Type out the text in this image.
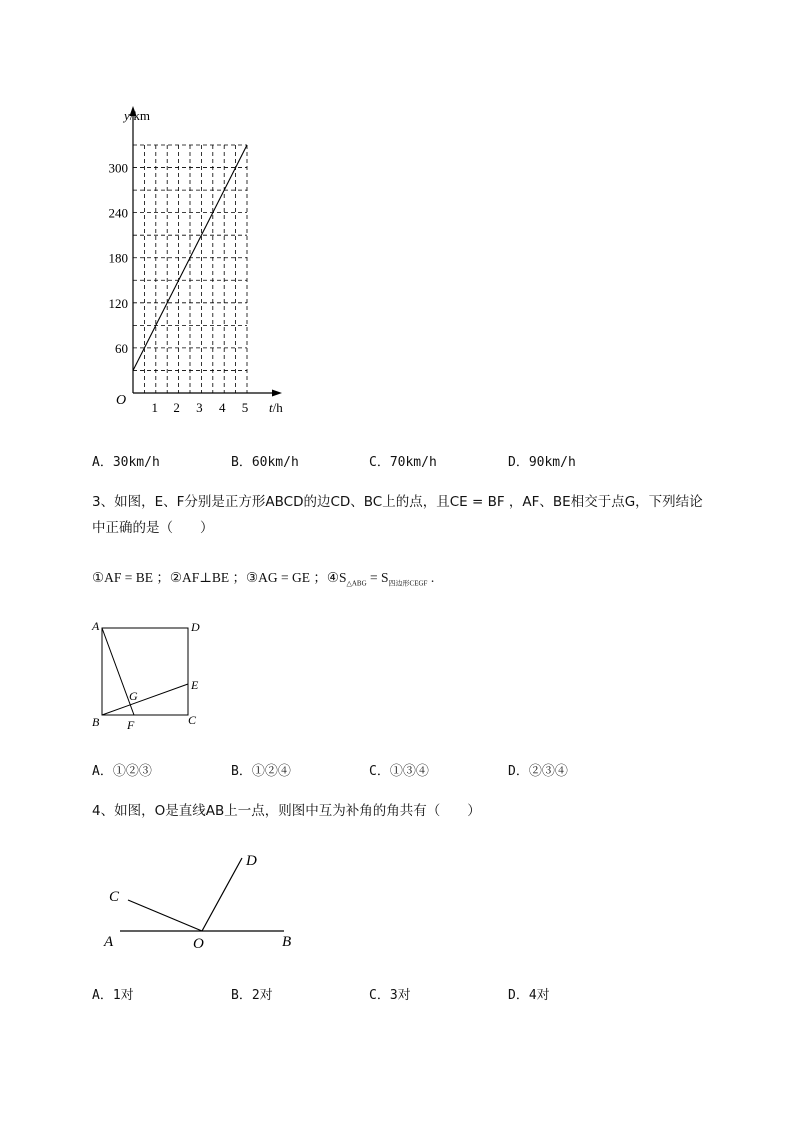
60
120
180
240
300
1 2 3 4 5
O
y/km
t/h
A．30km/h	B．60km/h	C．70km/h	D．90km/h
3、如图，E、F分别是正方形ABCD的边CD、BC上的点，且CE = BF ，AF、BE相交于点G，下列结论
中正确的是（　　）
①AF = BE ；②AF⊥BE ；③AG = GE ；$④S_{\triangle ABG} = S_{四边形CEGF}$ .
A	D
E
G
B F	C
A．①②③	B．①②④	C．①③④	D．②③④
4、如图，O是直线AB上一点，则图中互为补角的角共有（　　）
A	B
C
D
O
A．1对	B．2对	C．3对	D．4对
